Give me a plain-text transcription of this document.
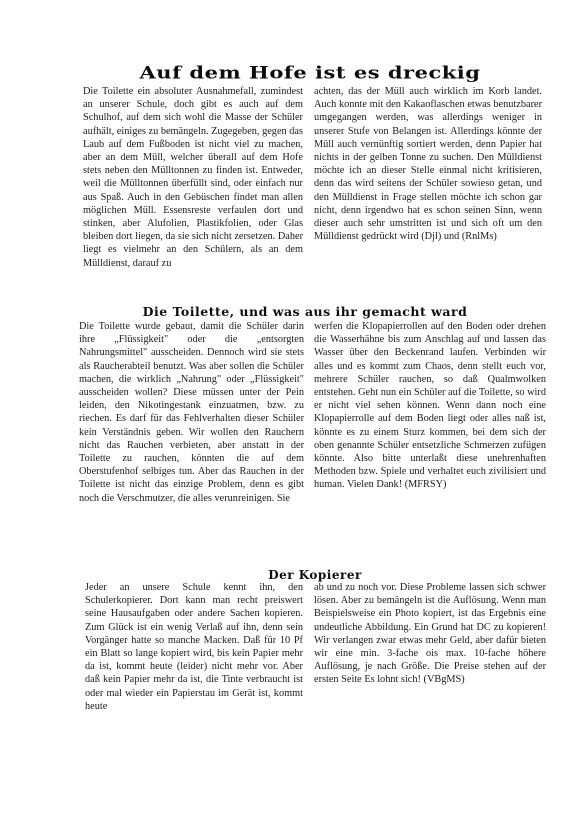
Auf dem Hofe ist es dreckig

Die Toilette ein absoluter Ausnahmefall, zumindest an unserer Schule, doch gibt es auch auf dem Schulhof, auf dem sich wohl die Masse der Schüler aufhält, einiges zu bemängeln. Zugegeben, gegen das Laub auf dem Fußboden ist nicht viel zu machen, aber an dem Müll, welcher überall auf dem Hofe stets neben den Mülltonnen zu finden ist. Entweder, weil die Mülltonnen überfüllt sind, oder einfach nur aus Spaß. Auch in den Gebüschen findet man allen möglichen Müll. Essensreste verfaulen dort und stinken, aber Alufolien, Plastikfolien, oder Glas bleiben dort liegen, da sie sich nicht zersetzen. Daher liegt es vielmehr an den Schülern, als an dem Mülldienst, darauf zu

achten, das der Müll auch wirklich im Korb landet. Auch konnte mit den Kakaoflaschen etwas benutzbarer umgegangen werden, was allerdings weniger in unserer Stufe von Belangen ist. Allerdings könnte der Müll auch vernünftig sortiert werden, denn Papier hat nichts in der gelben Tonne zu suchen. Den Mülldienst möchte ich an dieser Stelle einmal nicht kritisieren, denn das wird seitens der Schüler sowieso getan, und den Mülldienst in Frage stellen möchte ich schon gar nicht, denn irgendwo hat es schon seinen Sinn, wenn dieser auch sehr umstritten ist und sich oft um den Mülldienst gedrückt wird (Djl) und (RnlMs)

Die Toilette, und was aus ihr gemacht ward

Die Toilette wurde gebaut, damit die Schüler darin ihre „Flüssigkeit" oder die „entsorgten Nahrungsmittel" ausscheiden. Dennoch wird sie stets als Raucherabteil benutzt. Was aber sollen die Schüler machen, die wirklich „Nahrung" oder „Flüssigkeit" ausscheiden wollen? Diese müssen unter der Pein leiden, den Nikotingestank einzuatmen, bzw. zu riechen. Es darf für das Fehlverhalten dieser Schüler kein Verständnis geben. Wir wollen den Rauchern nicht das Rauchen verbieten, aber anstatt in der Toilette zu rauchen, könnten die auf dem Oberstufenhof selbiges tun. Aber das Rauchen in der Toilette ist nicht das einzige Problem, denn es gibt noch die Verschmutzer, die alles verunreinigen. Sie

werfen die Klopapierrollen auf den Boden oder drehen die Wasserhähne bis zum Anschlag auf und lassen das Wasser über den Beckenrand laufen. Verbinden wir alles und es kommt zum Chaos, denn stellt euch vor, mehrere Schüler rauchen, so daß Qualmwolken entstehen. Geht nun ein Schüler auf die Toilette, so wird er nicht viel sehen können. Wenn dann noch eine Klopapierrolle auf dem Boden liegt oder alles naß ist, könnte es zu einem Sturz kommen, bei dem sich der oben genannte Schüler entsetzliche Schmerzen zufügen könnte. Also bitte unterlaßt diese unehrenhaften Methoden bzw. Spiele und verhaltet euch zivilisiert und human. Vielen Dank! (MFRSY)

Der Kopierer

Jeder an unsere Schule kennt ihn, den Schulerkopierer. Dort kann man recht preiswert seine Hausaufgaben oder andere Sachen kopieren. Zum Glück ist ein wenig Verlaß auf ihn, denn sein Vorgänger hatte so manche Macken. Daß für 10 Pf ein Blatt so lange kopiert wird, bis kein Papier mehr da ist, kommt heute (leider) nicht mehr vor. Aber daß kein Papier mehr da ist, die Tinte verbraucht ist oder mal wieder ein Papierstau im Gerät ist, kommt heute

ab und zu noch vor. Diese Probleme lassen sich schwer lösen. Aber zu bemängeln ist die Auflösung. Wenn man Beispielsweise ein Photo kopiert, ist das Ergebnis eine undeutliche Abbildung. Ein Grund hat DC zu kopieren! Wir verlangen zwar etwas mehr Geld, aber dafür bieten wir eine min. 3-fache ois max. 10-fache höhere Auflösung, je nach Größe. Die Preise stehen auf der ersten Seite Es lohnt sich! (VBgMS)
